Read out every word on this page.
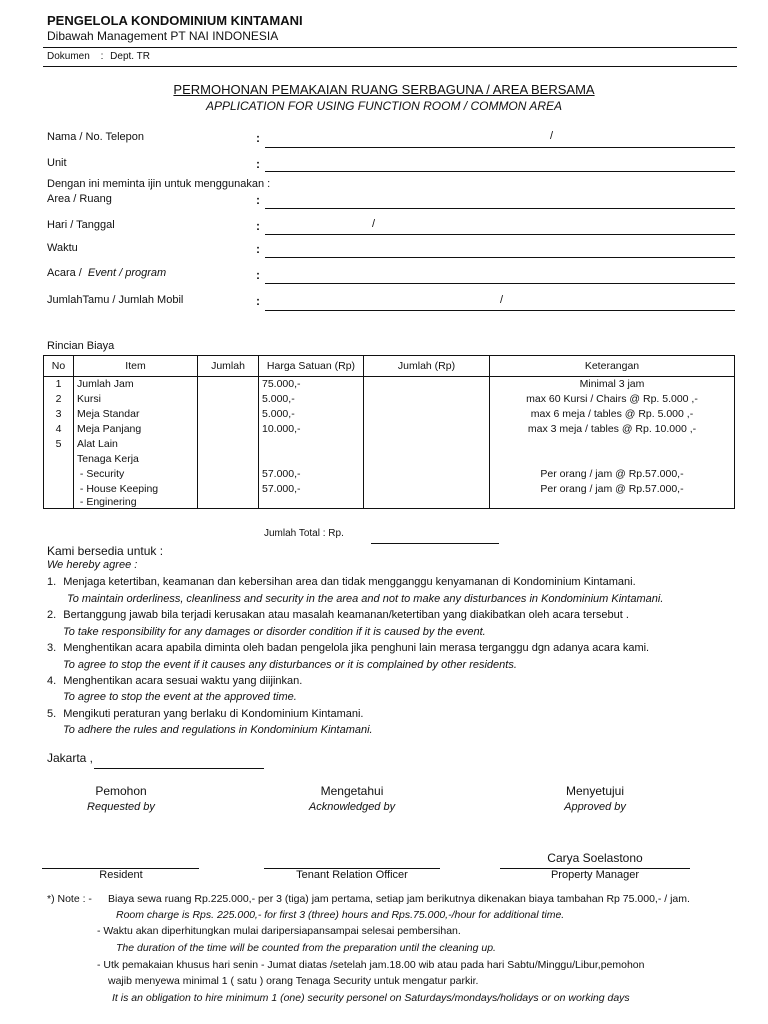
PENGELOLA KONDOMINIUM KINTAMANI
Dibawah Management PT NAI INDONESIA
Dokumen : Dept. TR
PERMOHONAN PEMAKAIAN RUANG SERBAGUNA / AREA BERSAMA
APPLICATION FOR USING FUNCTION ROOM / COMMON AREA
Nama / No. Telepon	:	/
Unit	:
Dengan ini meminta ijin untuk menggunakan :
Area / Ruang	:
Hari / Tanggal	:	/
Waktu	:
Acara / Event / program	:
JumlahTamu / Jumlah Mobil	:	/
Rincian Biaya
No	Item	Jumlah	Harga Satuan (Rp)	Jumlah (Rp)	Keterangan
1	Jumlah Jam		75.000,-		Minimal 3 jam
2	Kursi		5.000,-		max 60 Kursi / Chairs @ Rp. 5.000 ,-
3	Meja Standar		5.000,-		max 6 meja / tables @ Rp. 5.000 ,-
4	Meja Panjang		10.000,-		max 3 meja / tables @ Rp. 10.000 ,-
5	Alat Lain				
	Tenaga Kerja				
	- Security		57.000,-		Per orang / jam @ Rp.57.000,-
	- House Keeping		57.000,-		Per orang / jam @ Rp.57.000,-
	- Enginering				
Jumlah Total : Rp.
Kami bersedia untuk :
We hereby agree :
1. Menjaga ketertiban, keamanan dan kebersihan area dan tidak mengganggu kenyamanan di Kondominium Kintamani.
To maintain orderliness, cleanliness and security in the area and not to make any disturbances in Kondominium Kintamani.
2. Bertanggung jawab bila terjadi kerusakan atau masalah keamanan/ketertiban yang diakibatkan oleh acara tersebut .
To take responsibility for any damages or disorder condition if it is caused by the event.
3. Menghentikan acara apabila diminta oleh badan pengelola jika penghuni lain merasa terganggu dgn adanya acara kami.
To agree to stop the event if it causes any disturbances or it is complained by other residents.
4. Menghentikan acara sesuai waktu yang diijinkan.
To agree to stop the event at the approved time.
5. Mengikuti peraturan yang berlaku di Kondominium Kintamani.
To adhere the rules and regulations in Kondominium Kintamani.
Jakarta ,
Pemohon
Requested by
Mengetahui
Acknowledged by
Menyetujui
Approved by
Carya Soelastono
Resident	Tenant Relation Officer	Property Manager
*) Note : - Biaya sewa ruang Rp.225.000,- per 3 (tiga) jam pertama, setiap jam berikutnya dikenakan biaya tambahan Rp 75.000,- / jam.
Room charge is Rps. 225.000,- for first 3 (three) hours and Rps.75.000,-/hour for additional time.
- Waktu akan diperhitungkan mulai daripersiapansampai selesai pembersihan.
The duration of the time will be counted from the preparation until the cleaning up.
- Utk pemakaian khusus hari senin - Jumat diatas /setelah jam.18.00 wib atau pada hari Sabtu/Minggu/Libur,pemohon
wajib menyewa minimal 1 ( satu ) orang Tenaga Security untuk mengatur parkir.
It is an obligation to hire minimum 1 (one) security personel on Saturdays/mondays/holidays or on working days
